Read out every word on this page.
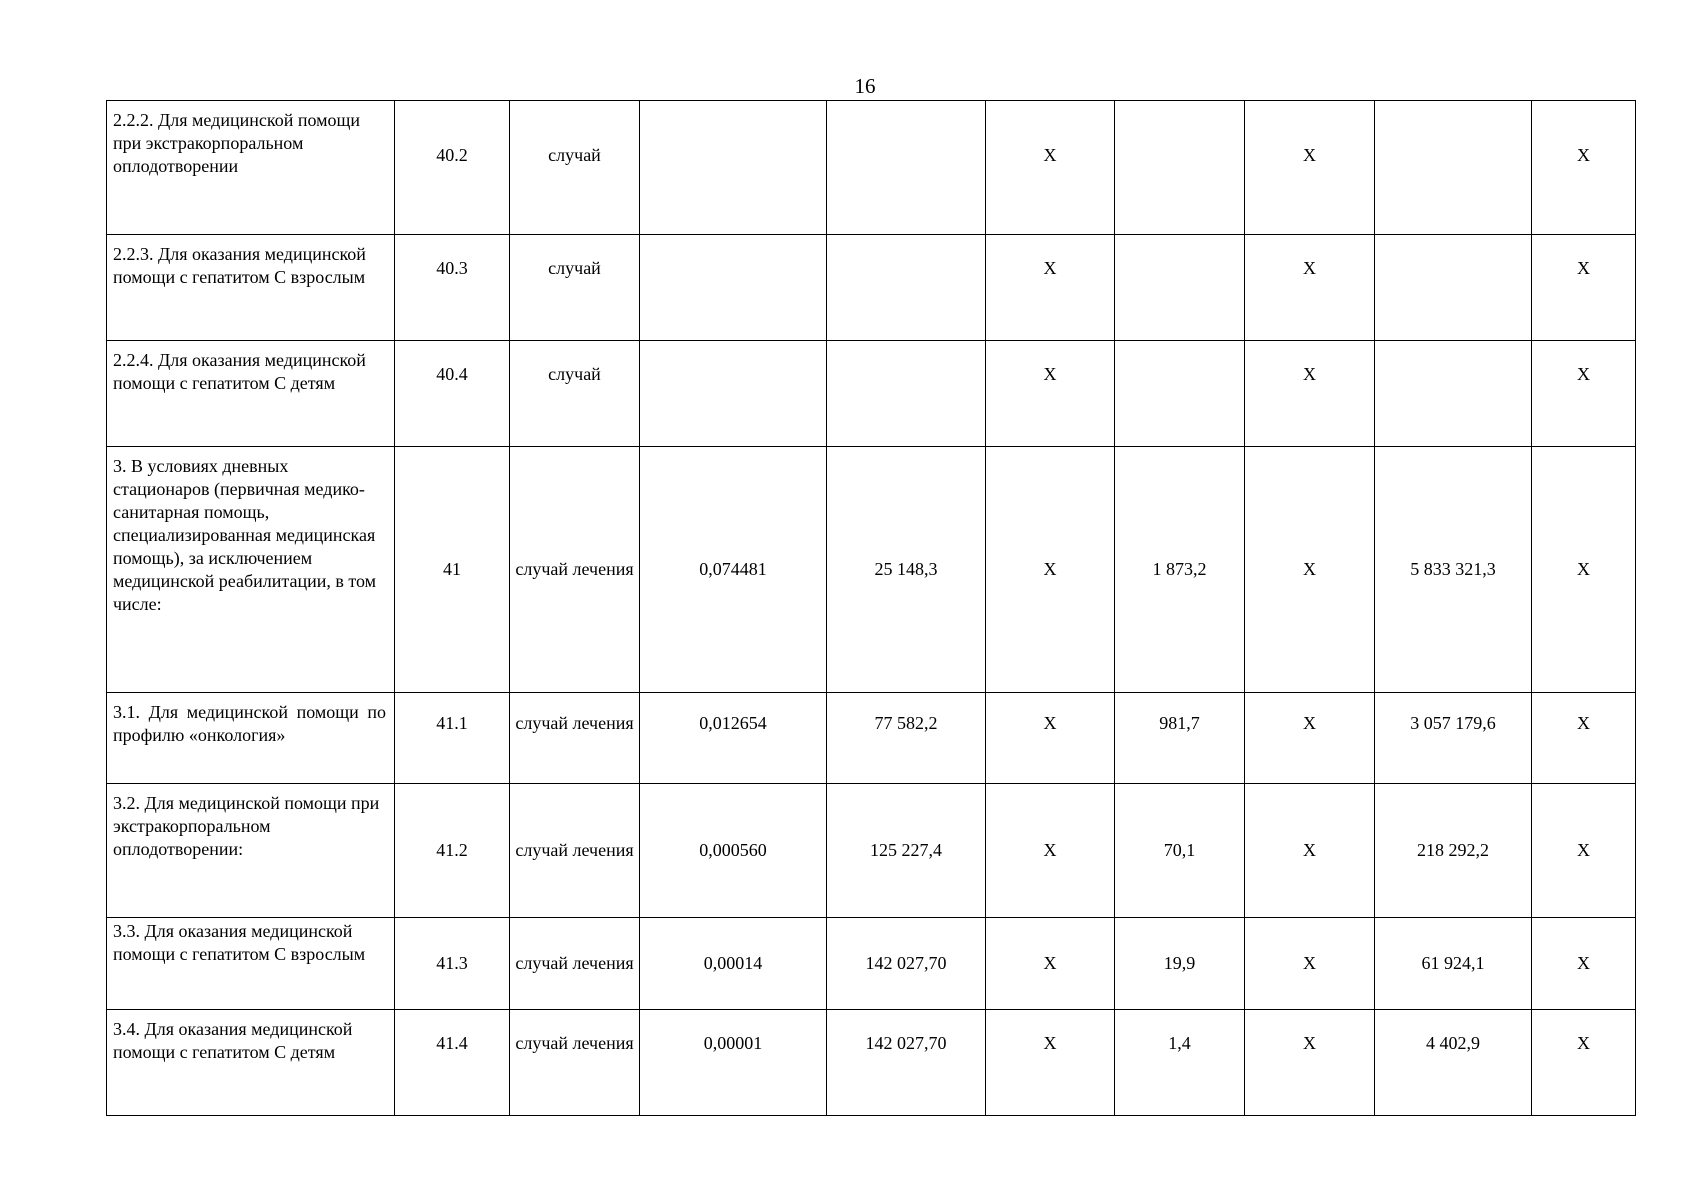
16
2.2.2. Для медицинской помощи при экстракорпоральном оплодотворении	40.2	случай			Х		Х		Х
2.2.3. Для оказания медицинской помощи с гепатитом С взрослым	40.3	случай			Х		Х		Х
2.2.4. Для оказания медицинской помощи с гепатитом С детям	40.4	случай			Х		Х		Х
3. В условиях дневных стационаров (первичная медико-санитарная помощь, специализированная медицинская помощь), за исключением медицинской реабилитации, в том числе:	41	случай лечения	0,074481	25 148,3	Х	1 873,2	Х	5 833 321,3	Х
3.1. Для медицинской помощи по профилю «онкология»	41.1	случай лечения	0,012654	77 582,2	Х	981,7	Х	3 057 179,6	Х
3.2. Для медицинской помощи при экстракорпоральном оплодотворении:	41.2	случай лечения	0,000560	125 227,4	Х	70,1	Х	218 292,2	Х
3.3. Для оказания медицинской помощи с гепатитом С взрослым	41.3	случай лечения	0,00014	142 027,70	Х	19,9	Х	61 924,1	Х
3.4. Для оказания медицинской помощи с гепатитом С детям	41.4	случай лечения	0,00001	142 027,70	Х	1,4	Х	4 402,9	Х
